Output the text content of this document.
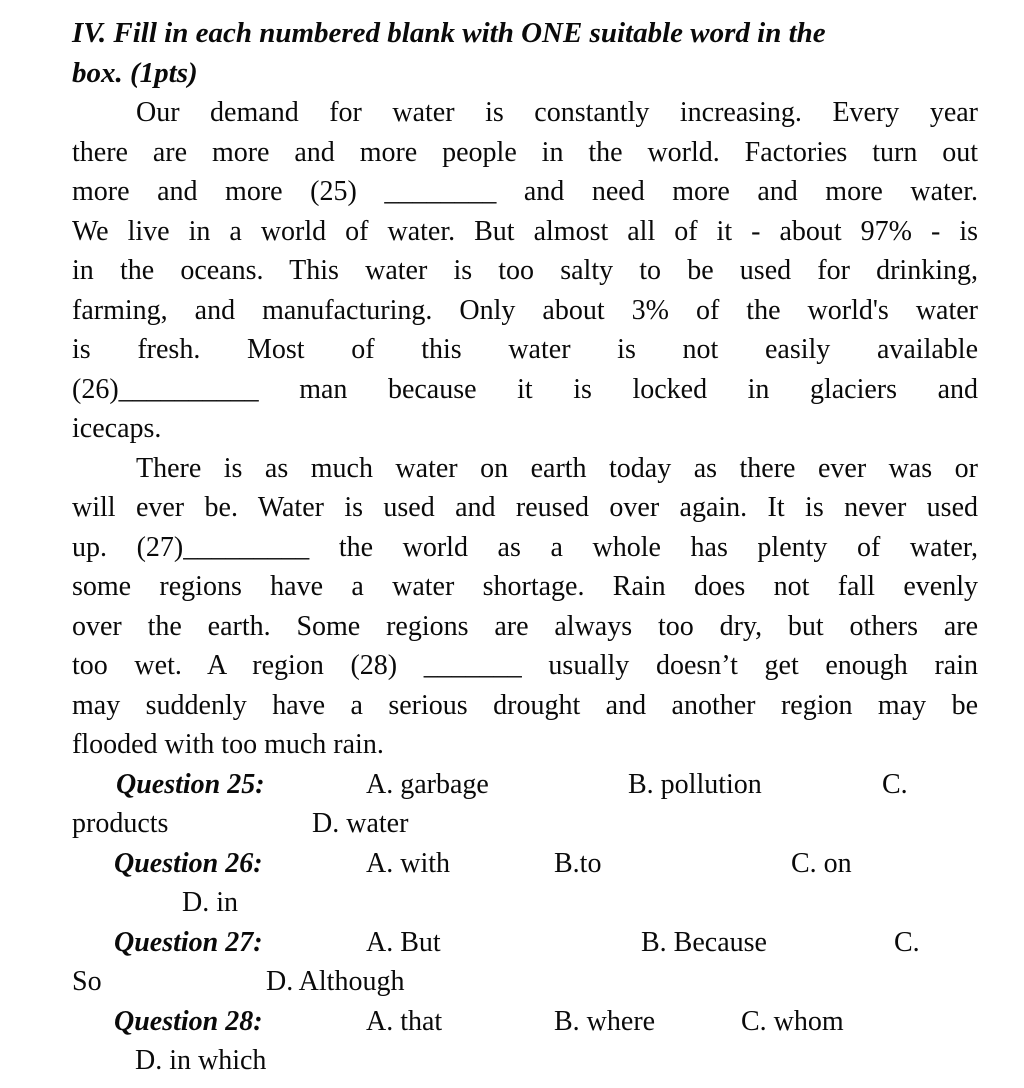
IV. Fill in each numbered blank with ONE suitable word in the
box. (1pts)
Our demand for water is constantly increasing. Every year
there are more and more people in the world. Factories turn out
more and more (25) ________ and need more and more water.
We live in a world of water. But almost all of it - about 97% - is
in the oceans. This water is too salty to be used for drinking,
farming, and manufacturing. Only about 3% of the world's water
is fresh. Most of this water is not easily available
(26)__________ man because it is locked in glaciers and
icecaps.
There is as much water on earth today as there ever was or
will ever be. Water is used and reused over again. It is never used
up. (27)_________ the world as a whole has plenty of water,
some regions have a water shortage. Rain does not fall evenly
over the earth. Some regions are always too dry, but others are
too wet. A region (28) _______ usually doesn’t get enough rain
may suddenly have a serious drought and another region may be
flooded with too much rain.
Question 25:	A. garbage	B. pollution	C.
products	D. water
Question 26:	A. with	B.to	C. on
D. in
Question 27:	A. But	B. Because	C.
So	D. Although
Question 28:	A. that	B. where	C. whom
D. in which
